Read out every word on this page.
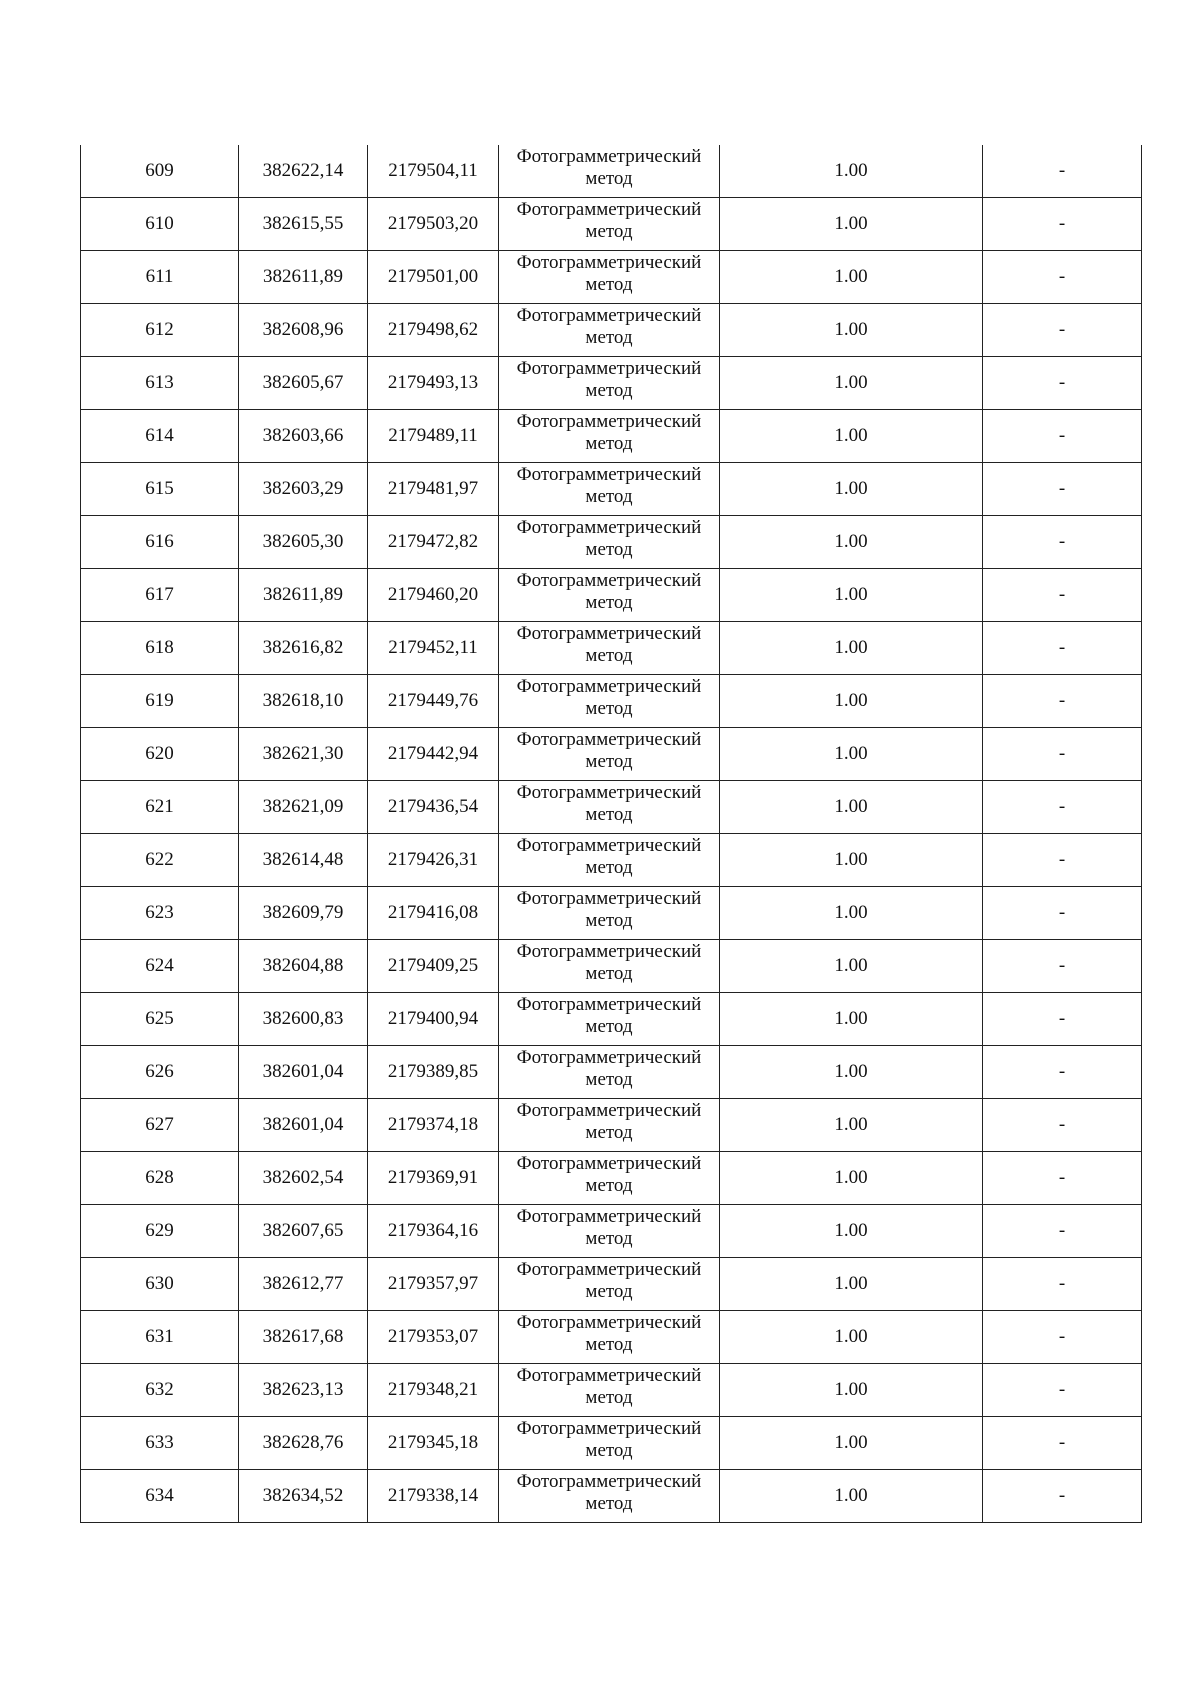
609	382622,14	2179504,11	Фотограмметрический метод	1.00	-
610	382615,55	2179503,20	Фотограмметрический метод	1.00	-
611	382611,89	2179501,00	Фотограмметрический метод	1.00	-
612	382608,96	2179498,62	Фотограмметрический метод	1.00	-
613	382605,67	2179493,13	Фотограмметрический метод	1.00	-
614	382603,66	2179489,11	Фотограмметрический метод	1.00	-
615	382603,29	2179481,97	Фотограмметрический метод	1.00	-
616	382605,30	2179472,82	Фотограмметрический метод	1.00	-
617	382611,89	2179460,20	Фотограмметрический метод	1.00	-
618	382616,82	2179452,11	Фотограмметрический метод	1.00	-
619	382618,10	2179449,76	Фотограмметрический метод	1.00	-
620	382621,30	2179442,94	Фотограмметрический метод	1.00	-
621	382621,09	2179436,54	Фотограмметрический метод	1.00	-
622	382614,48	2179426,31	Фотограмметрический метод	1.00	-
623	382609,79	2179416,08	Фотограмметрический метод	1.00	-
624	382604,88	2179409,25	Фотограмметрический метод	1.00	-
625	382600,83	2179400,94	Фотограмметрический метод	1.00	-
626	382601,04	2179389,85	Фотограмметрический метод	1.00	-
627	382601,04	2179374,18	Фотограмметрический метод	1.00	-
628	382602,54	2179369,91	Фотограмметрический метод	1.00	-
629	382607,65	2179364,16	Фотограмметрический метод	1.00	-
630	382612,77	2179357,97	Фотограмметрический метод	1.00	-
631	382617,68	2179353,07	Фотограмметрический метод	1.00	-
632	382623,13	2179348,21	Фотограмметрический метод	1.00	-
633	382628,76	2179345,18	Фотограмметрический метод	1.00	-
634	382634,52	2179338,14	Фотограмметрический метод	1.00	-
